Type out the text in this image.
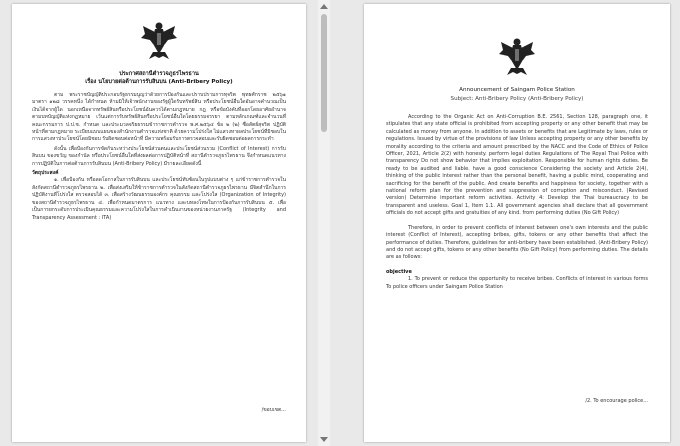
ประกาศสถานีตำรวจภูธรไพรธาน
เรื่อง นโยบายต่อต้านการรับสินบน (Anti-Bribery Policy)

ตาม พระราชบัญญัติประกอบรัฐธรรมนูญว่าด้วยการป้องกันและปราบปรามการทุจริต พุทธศักราช ๒๕๖๑ มาตรา ๑๒๘ วรรคหนึ่ง ได้กำหนด ห้ามมิให้เจ้าพนักงานของรัฐผู้ใดรับทรัพย์สิน หรือประโยชน์อื่นใดอันอาจคำนวณเป็นเงินได้จากผู้ใด นอกเหนือจากทรัพย์สินหรือประโยชน์อันควรได้ตามกฎหมาย กฎ หรือข้อบังคับที่ออกโดยอาศัยอำนาจตามบทบัญญัติแห่งกฎหมาย เว้นแต่การรับทรัพย์สินหรือประโยชน์อื่นใดโดยธรรมจรรยา ตามหลักเกณฑ์และจำนวนที่คณะกรรมการ ป.ป.ช. กำหนด และประมวลจริยธรรมข้าราชการตำรวจ พ.ศ.๒๕๖๔ ข้อ ๒ (๒) ซื่อสัตย์สุจริต ปฏิบัติหน้าที่ตามกฎหมาย ระเบียบแบบแผนของสำนักงานตำรวจแห่งชาติ ด้วยความโปร่งใส ไม่แสวงหาผลประโยชน์ที่มิชอบในการแสวงหาประโยชน์โดยมิชอบ รับผิดชอบต่อหน้าที่ มีความพร้อมรับการตรวจสอบและรับผิดชอบต่อผลการกระทำ

ดังนั้น เพื่อป้องกันการขัดกันระหว่างประโยชน์ส่วนตนและประโยชน์ส่วนรวม (Conflict of Interest) การรับสินบน ของขวัญ ของกำนัล หรือประโยชน์อื่นใดที่ส่งผลต่อการปฏิบัติหน้าที่ สถานีตำรวจภูธรไพรธาน จึงกำหนดแนวทางการปฏิบัติในการต่อต้านการรับสินบน (Anti-Bribery Policy) มีรายละเอียดดังนี้

วัตถุประสงค์

๑. เพื่อป้องกัน หรือลดโอกาสในการรับสินบน และประโยชน์ทับซ้อนในรูปแบบต่าง ๆ แก่ข้าราชการตำรวจในสังกัดสถานีตำรวจภูธรไพรธาน ๒. เพื่อส่งเสริมให้ข้าราชการตำรวจในสังกัดสถานีตำรวจภูธรไพรธาน มีจิตสำนึกในการปฏิบัติงานที่โปร่งใส ตรวจสอบได้ ๓. เพื่อสร้างวัฒนธรรมองค์กร คุณธรรม และโปร่งใส (Organization of Integrity) ของสถานีตำรวจภูธรไพรธาน ๔. เพื่อกำหนดมาตรการ แนวทาง และบทลงโทษในการป้องกันการรับสินบน ๕. เพื่อเป็นการยกระดับการประเมินคุณธรรมและความโปร่งใสในการดำเนินงานของหน่วยงานภาครัฐ (Integrity and Transparency Assessment : ITA)

/ขอบเขต...
Announcement of Saingam Police Station
Subject: Anti-Bribery Policy (Anti-Bribery Policy)

According to the Organic Act on Anti-Corruption B.E. 2561, Section 128, paragraph one, it stipulates that any state official is prohibited from accepting property or any other benefit that may be calculated as money from anyone. In addition to assets or benefits that are Legitimate by laws, rules or regulations. Issued by virtue of the provisions of law Unless accepting property or any other benefits by morality according to the criteria and amount prescribed by the NACC and the Code of Ethics of Police Officer, 2021, Article 2(2) with honesty. perform legal duties Regulations of The Royal Thai Police with transparency Do not show behavior that implies exploitation. Responsible for human rights duties. Be ready to be audited and liable. have a good conscience Considering the society and Article 2(4), thinking of the public interest rather than the personal benefit, having a public mind, cooperating and sacrificing for the benefit of the public. And create benefits and happiness for society, together with a national reform plan for the prevention and suppression of corruption and misconduct. (Revised version) Determine important reform activities. Activity 4: Develop the Thai bureaucracy to be transparent and useless. Goal 1, Item 1.1. All government agencies shall declare that all government officials do not accept gifts and gratuities of any kind. from performing duties (No Gift Policy)

Therefore, in order to prevent conflicts of interest between one's own interests and the public interest (Conflict of Interest), accepting bribes, gifts, tokens or any other benefits that affect the performance of duties. Therefore, guidelines for anti-bribery have been established. (Anti-Bribery Policy) and do not accept gifts, tokens or any other benefits (No Gift Policy) from performing duties. The details are as follows:

objective

1. To prevent or reduce the opportunity to receive bribes. Conflicts of interest in various forms To police officers under Saingam Police Station

/2. To encourage police...
